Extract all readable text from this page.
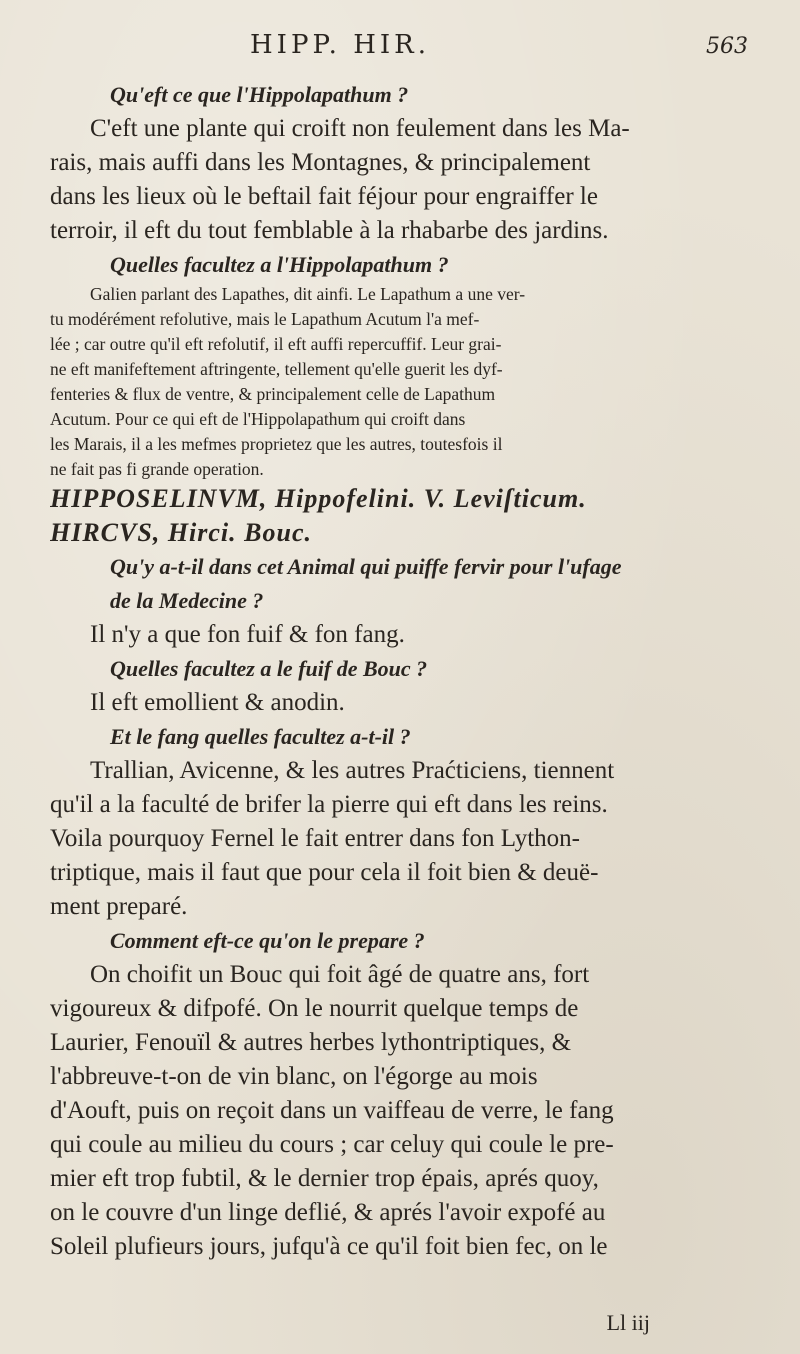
HIPP. HIR.	563
Qu'eft ce que l'Hippolapathum ?
C'eft une plante qui croift non feulement dans les Ma-
rais, mais auffi dans les Montagnes, & principalement
dans les lieux où le beftail fait féjour pour engraiffer le
terroir, il eft du tout femblable à la rhabarbe des jardins.
Quelles facultez a l'Hippolapathum ?
Galien parlant des Lapathes, dit ainfi. Le Lapathum a une ver-
tu modérément refolutive, mais le Lapathum Acutum l'a mef-
lée ; car outre qu'il eft refolutif, il eft auffi repercuffif. Leur grai-
ne eft manifeftement aftringente, tellement qu'elle guerit les dyf-
fenteries & flux de ventre, & principalement celle de Lapathum
Acutum. Pour ce qui eft de l'Hippolapathum qui croift dans
les Marais, il a les mefmes proprietez que les autres, toutesfois il
ne fait pas fi grande operation.
HIPPOSELINVM, Hippofelini. V. Leviſticum.
HIRCVS, Hirci. Bouc.
Qu'y a-t-il dans cet Animal qui puiffe fervir pour l'ufage
de la Medecine ?
Il n'y a que fon fuif & fon fang.
Quelles facultez a le fuif de Bouc ?
Il eft emollient & anodin.
Et le fang quelles facultez a-t-il ?
Trallian, Avicenne, & les autres Praćticiens, tiennent
qu'il a la faculté de brifer la pierre qui eft dans les reins.
Voila pourquoy Fernel le fait entrer dans fon Lython-
triptique, mais il faut que pour cela il foit bien & deuë-
ment preparé.
Comment eft-ce qu'on le prepare ?
On choifit un Bouc qui foit âgé de quatre ans, fort
vigoureux & difpofé. On le nourrit quelque temps de
Laurier, Fenouïl & autres herbes lythontriptiques, &
l'abbreuve-t-on de vin blanc, on l'égorge au mois
d'Aouft, puis on reçoit dans un vaiffeau de verre, le fang
qui coule au milieu du cours ; car celuy qui coule le pre-
mier eft trop fubtil, & le dernier trop épais, aprés quoy,
on le couvre d'un linge deflié, & aprés l'avoir expofé au
Soleil plufieurs jours, jufqu'à ce qu'il foit bien fec, on le
Ll iij
